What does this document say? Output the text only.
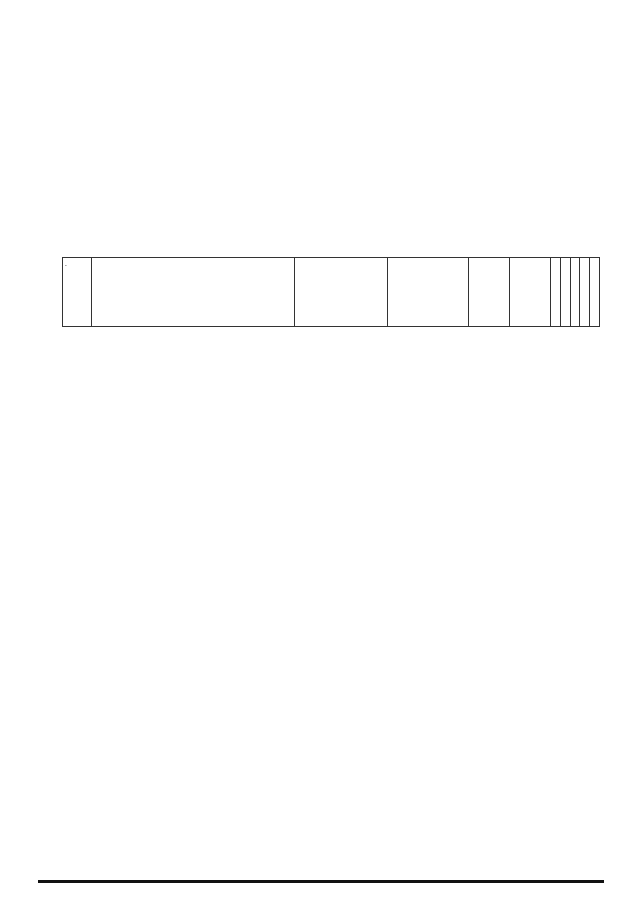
.										
